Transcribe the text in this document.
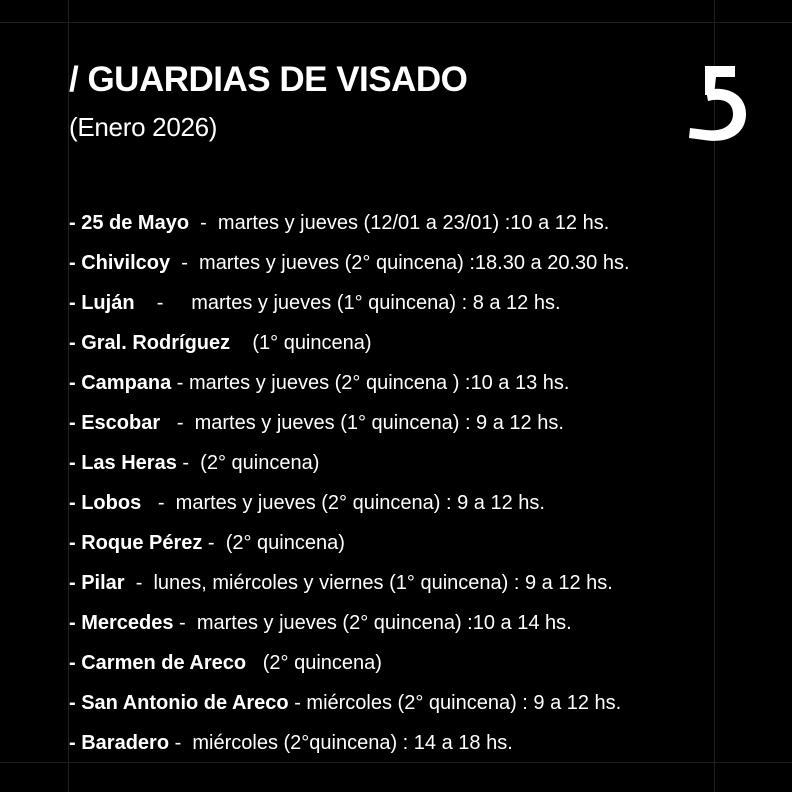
/ GUARDIAS DE VISADO
(Enero 2026)
- 25 de Mayo  -  martes y jueves (12/01 a 23/01) :10 a 12 hs.
- Chivilcoy  -  martes y jueves (2° quincena) :18.30 a 20.30 hs.
- Luján    -     martes y jueves (1° quincena) : 8 a 12 hs.
- Gral. Rodríguez    (1° quincena)
- Campana - martes y jueves (2° quincena ) :10 a 13 hs.
- Escobar   -  martes y jueves (1° quincena) : 9 a 12 hs.
- Las Heras -  (2° quincena)
- Lobos   -  martes y jueves (2° quincena) : 9 a 12 hs.
- Roque Pérez -  (2° quincena)
- Pilar  -  lunes, miércoles y viernes (1° quincena) : 9 a 12 hs.
- Mercedes -  martes y jueves (2° quincena) :10 a 14 hs.
- Carmen de Areco   (2° quincena)
- San Antonio de Areco - miércoles (2° quincena) : 9 a 12 hs.
- Baradero -  miércoles (2°quincena) : 14 a 18 hs.
